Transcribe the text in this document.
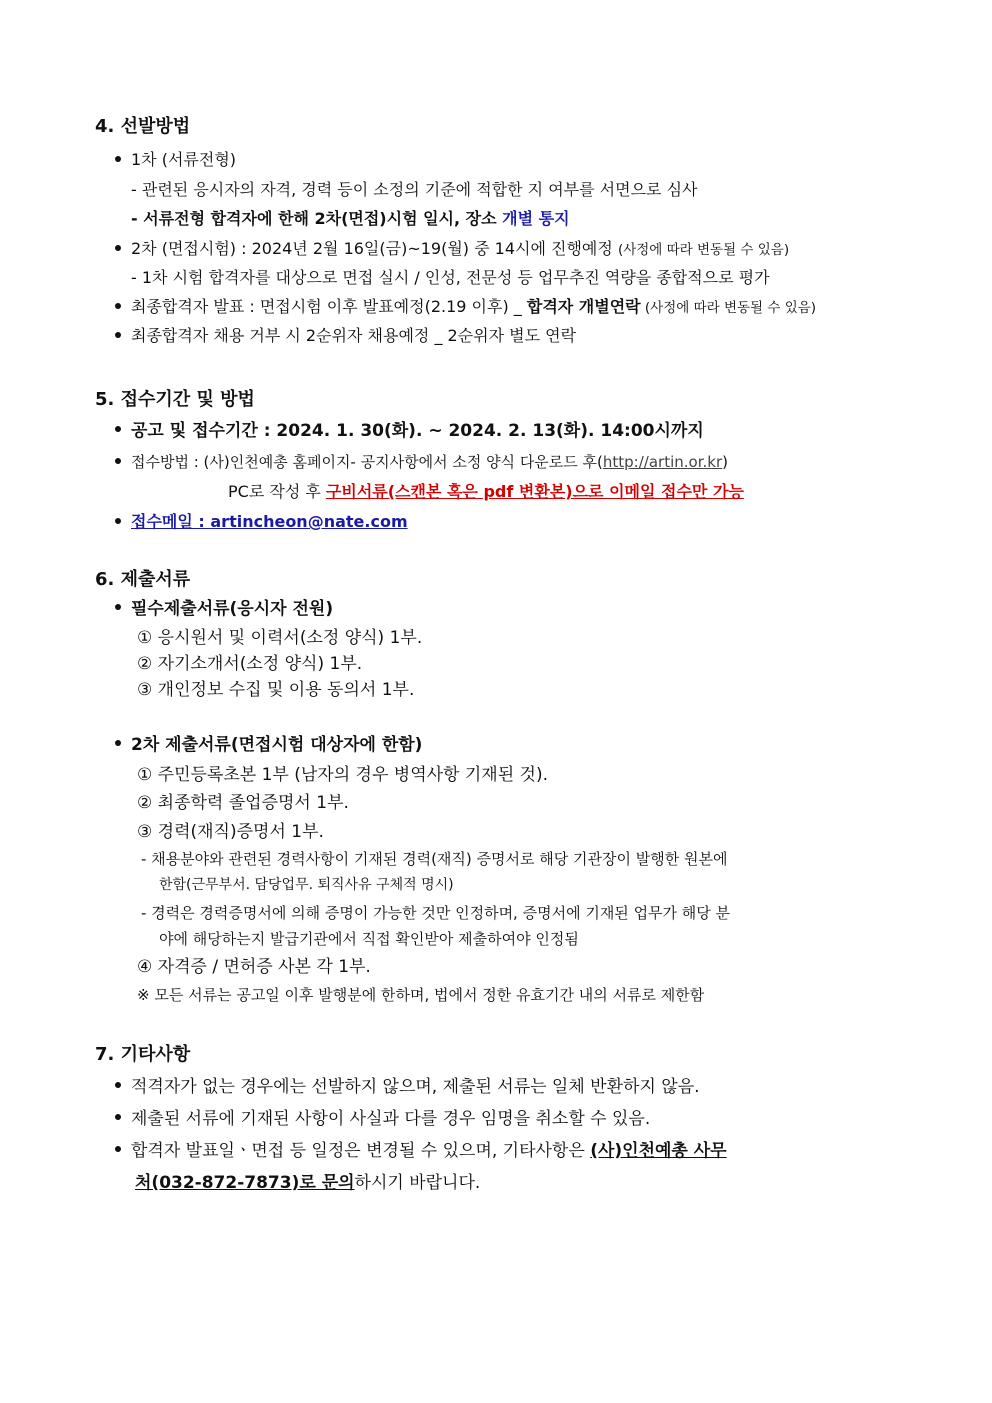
4. 선발방법
1차 (서류전형)
- 관련된 응시자의 자격, 경력 등이 소정의 기준에 적합한 지 여부를 서면으로 심사
- 서류전형 합격자에 한해 2차(면접)시험 일시, 장소 개별 통지
2차 (면접시험) : 2024년 2월 16일(금)~19(월) 중 14시에 진행예정 (사정에 따라 변동될 수 있음)
- 1차 시험 합격자를 대상으로 면접 실시 / 인성, 전문성 등 업무추진 역량을 종합적으로 평가
최종합격자 발표 : 면접시험 이후 발표예정(2.19 이후) _ 합격자 개별연락 (사정에 따라 변동될 수 있음)
최종합격자 채용 거부 시 2순위자 채용예정 _ 2순위자 별도 연락
5. 접수기간 및 방법
공고 및 접수기간 : 2024. 1. 30(화). ~ 2024. 2. 13(화). 14:00시까지
접수방법 : (사)인천예총 홈페이지- 공지사항에서 소정 양식 다운로드 후(http://artin.or.kr)
PC로 작성 후 구비서류(스캔본 혹은 pdf 변환본)으로 이메일 접수만 가능
접수메일 : artincheon@nate.com
6. 제출서류
필수제출서류(응시자 전원)
① 응시원서 및 이력서(소정 양식) 1부.
② 자기소개서(소정 양식) 1부.
③ 개인정보 수집 및 이용 동의서 1부.
2차 제출서류(면접시험 대상자에 한함)
① 주민등록초본 1부 (남자의 경우 병역사항 기재된 것).
② 최종학력 졸업증명서 1부.
③ 경력(재직)증명서 1부.
- 채용분야와 관련된 경력사항이 기재된 경력(재직) 증명서로 해당 기관장이 발행한 원본에
한함(근무부서. 담당업무. 퇴직사유 구체적 명시)
- 경력은 경력증명서에 의해 증명이 가능한 것만 인정하며, 증명서에 기재된 업무가 해당 분
야에 해당하는지 발급기관에서 직접 확인받아 제출하여야 인정됨
④ 자격증 / 면허증 사본 각 1부.
※ 모든 서류는 공고일 이후 발행분에 한하며, 법에서 정한 유효기간 내의 서류로 제한함
7. 기타사항
적격자가 없는 경우에는 선발하지 않으며, 제출된 서류는 일체 반환하지 않음.
제출된 서류에 기재된 사항이 사실과 다를 경우 임명을 취소할 수 있음.
합격자 발표일ㆍ면접 등 일정은 변경될 수 있으며, 기타사항은 (사)인천예총 사무
처(032-872-7873)로 문의하시기 바랍니다.
